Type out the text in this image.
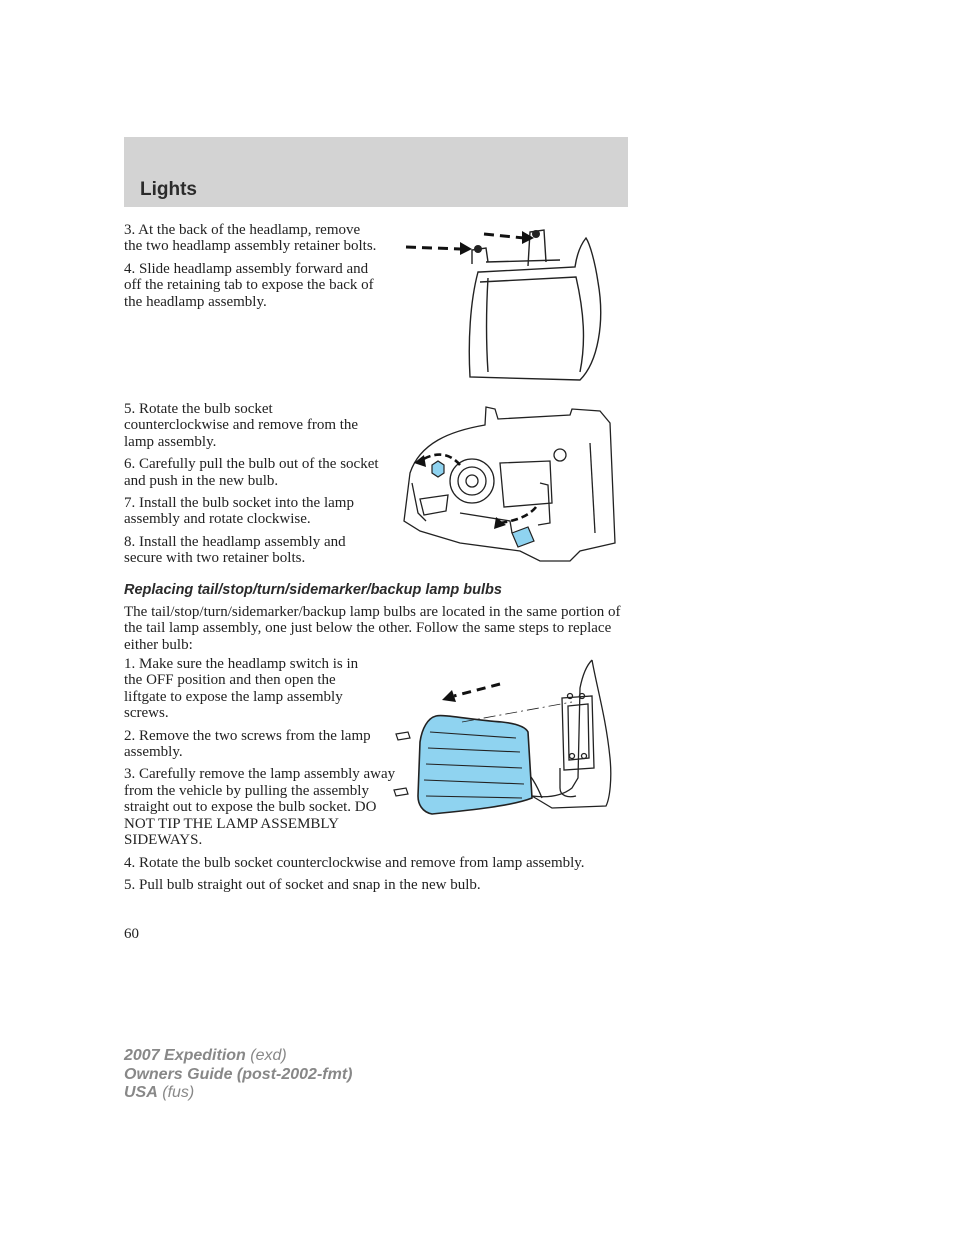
Lights

3. At the back of the headlamp, remove the two headlamp assembly retainer bolts.

4. Slide headlamp assembly forward and off the retaining tab to expose the back of the headlamp assembly.

5. Rotate the bulb socket counterclockwise and remove from the lamp assembly.

6. Carefully pull the bulb out of the socket and push in the new bulb.

7. Install the bulb socket into the lamp assembly and rotate clockwise.

8. Install the headlamp assembly and secure with two retainer bolts.

Replacing tail/stop/turn/sidemarker/backup lamp bulbs

The tail/stop/turn/sidemarker/backup lamp bulbs are located in the same portion of the tail lamp assembly, one just below the other. Follow the same steps to replace either bulb:

1. Make sure the headlamp switch is in the OFF position and then open the liftgate to expose the lamp assembly screws.

2. Remove the two screws from the lamp assembly.

3. Carefully remove the lamp assembly away from the vehicle by pulling the assembly straight out to expose the bulb socket. DO NOT TIP THE LAMP ASSEMBLY SIDEWAYS.

4. Rotate the bulb socket counterclockwise and remove from lamp assembly.

5. Pull bulb straight out of socket and snap in the new bulb.

60
2007 Expedition (exd)
Owners Guide (post-2002-fmt)
USA (fus)
